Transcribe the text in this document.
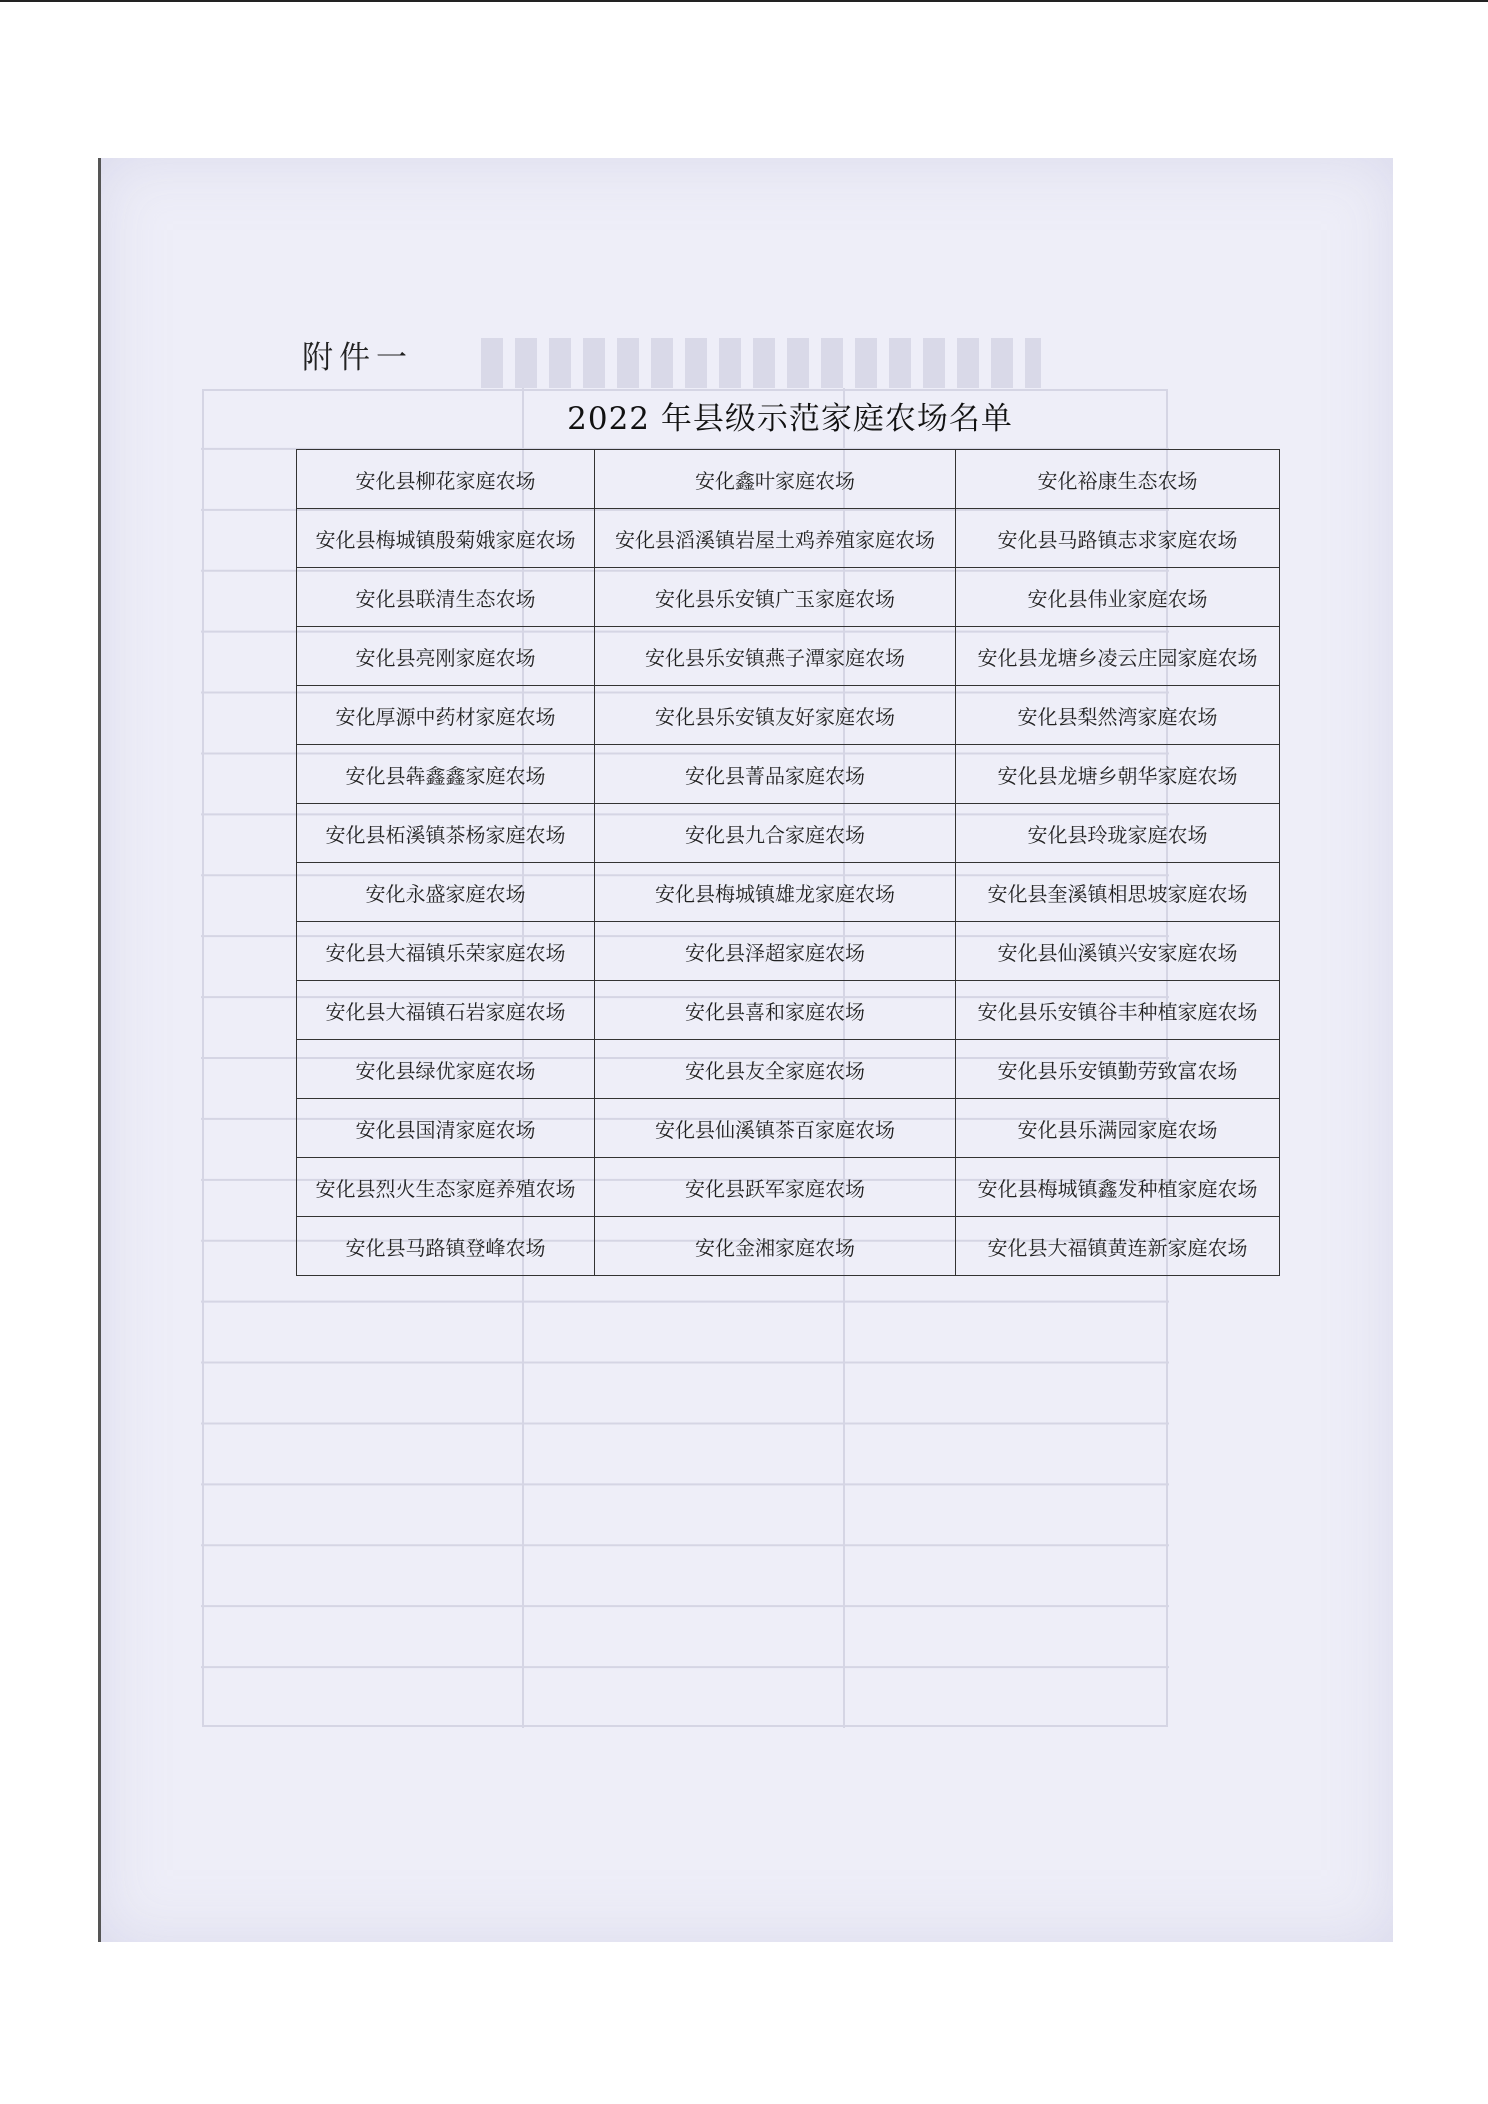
附件一
2022 年县级示范家庭农场名单
安化县柳花家庭农场	安化鑫叶家庭农场	安化裕康生态农场
安化县梅城镇殷菊娥家庭农场	安化县滔溪镇岩屋土鸡养殖家庭农场	安化县马路镇志求家庭农场
安化县联清生态农场	安化县乐安镇广玉家庭农场	安化县伟业家庭农场
安化县亮刚家庭农场	安化县乐安镇燕子潭家庭农场	安化县龙塘乡凌云庄园家庭农场
安化厚源中药材家庭农场	安化县乐安镇友好家庭农场	安化县梨然湾家庭农场
安化县犇鑫鑫家庭农场	安化县菁品家庭农场	安化县龙塘乡朝华家庭农场
安化县柘溪镇茶杨家庭农场	安化县九合家庭农场	安化县玲珑家庭农场
安化永盛家庭农场	安化县梅城镇雄龙家庭农场	安化县奎溪镇相思坡家庭农场
安化县大福镇乐荣家庭农场	安化县泽超家庭农场	安化县仙溪镇兴安家庭农场
安化县大福镇石岩家庭农场	安化县喜和家庭农场	安化县乐安镇谷丰种植家庭农场
安化县绿优家庭农场	安化县友全家庭农场	安化县乐安镇勤劳致富农场
安化县国清家庭农场	安化县仙溪镇茶百家庭农场	安化县乐满园家庭农场
安化县烈火生态家庭养殖农场	安化县跃军家庭农场	安化县梅城镇鑫发种植家庭农场
安化县马路镇登峰农场	安化金湘家庭农场	安化县大福镇黄连新家庭农场
